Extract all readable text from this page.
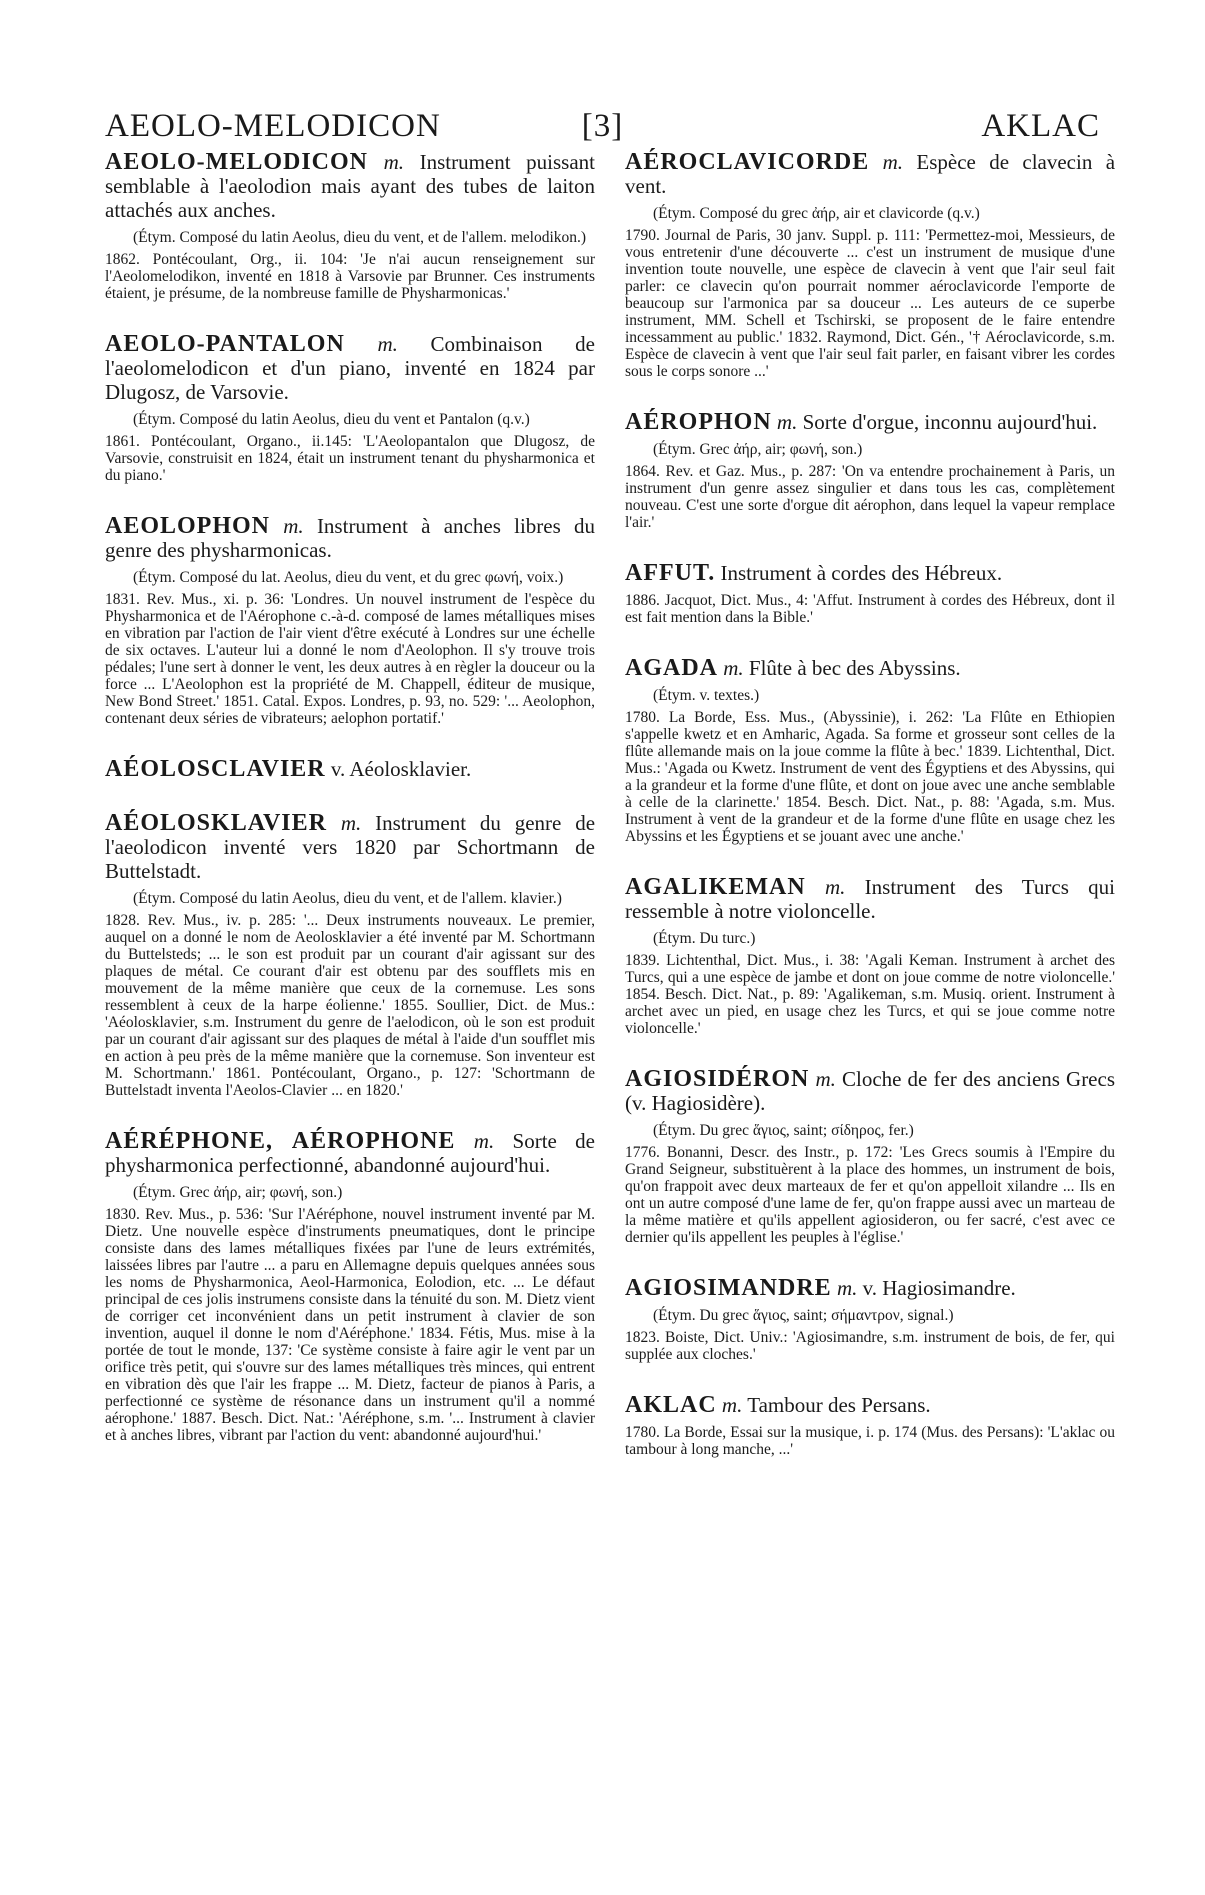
AEOLO-MELODICON	[3]	AKLAC

AEOLO-MELODICON m. Instrument puissant semblable à l'aeolodion mais ayant des tubes de laiton attachés aux anches.

(Étym. Composé du latin Aeolus, dieu du vent, et de l'allem. melodikon.)

1862. Pontécoulant, Org., ii. 104: 'Je n'ai aucun renseignement sur l'Aeolomelodikon, inventé en 1818 à Varsovie par Brunner. Ces instruments étaient, je présume, de la nombreuse famille de Physharmonicas.'

AEOLO-PANTALON m. Combinaison de l'aeolomelodicon et d'un piano, inventé en 1824 par Dlugosz, de Varsovie.

(Étym. Composé du latin Aeolus, dieu du vent et Pantalon (q.v.)

1861. Pontécoulant, Organo., ii.145: 'L'Aeolopantalon que Dlugosz, de Varsovie, construisit en 1824, était un instrument tenant du physharmonica et du piano.'

AEOLOPHON m. Instrument à anches libres du genre des physharmonicas.

(Étym. Composé du lat. Aeolus, dieu du vent, et du grec φωνή, voix.)

1831. Rev. Mus., xi. p. 36: 'Londres. Un nouvel instrument de l'espèce du Physharmonica et de l'Aérophone c.-à-d. composé de lames métalliques mises en vibration par l'action de l'air vient d'être exécuté à Londres sur une échelle de six octaves. L'auteur lui a donné le nom d'Aeolophon. Il s'y trouve trois pédales; l'une sert à donner le vent, les deux autres à en règler la douceur ou la force ... L'Aeolophon est la propriété de M. Chappell, éditeur de musique, New Bond Street.' 1851. Catal. Expos. Londres, p. 93, no. 529: '... Aeolophon, contenant deux séries de vibrateurs; aelophon portatif.'

AÉOLOSCLAVIER v. Aéolosklavier.

AÉOLOSKLAVIER m. Instrument du genre de l'aeolodicon inventé vers 1820 par Schortmann de Buttelstadt.

(Étym. Composé du latin Aeolus, dieu du vent, et de l'allem. klavier.)

1828. Rev. Mus., iv. p. 285: '... Deux instruments nouveaux. Le premier, auquel on a donné le nom de Aeolosklavier a été inventé par M. Schortmann du Buttelsteds; ... le son est produit par un courant d'air agissant sur des plaques de métal. Ce courant d'air est obtenu par des soufflets mis en mouvement de la même manière que ceux de la cornemuse. Les sons ressemblent à ceux de la harpe éolienne.' 1855. Soullier, Dict. de Mus.: 'Aéolosklavier, s.m. Instrument du genre de l'aelodicon, où le son est produit par un courant d'air agissant sur des plaques de métal à l'aide d'un soufflet mis en action à peu près de la même manière que la cornemuse. Son inventeur est M. Schortmann.' 1861. Pontécoulant, Organo., p. 127: 'Schortmann de Buttelstadt inventa l'Aeolos-Clavier ... en 1820.'

AÉRÉPHONE, AÉROPHONE m. Sorte de physharmonica perfectionné, abandonné aujourd'hui.

(Étym. Grec ἀήρ, air; φωνή, son.)

1830. Rev. Mus., p. 536: 'Sur l'Aéréphone, nouvel instrument inventé par M. Dietz. Une nouvelle espèce d'instruments pneumatiques, dont le principe consiste dans des lames métalliques fixées par l'une de leurs extrémités, laissées libres par l'autre ... a paru en Allemagne depuis quelques années sous les noms de Physharmonica, Aeol-Harmonica, Eolodion, etc. ... Le défaut principal de ces jolis instrumens consiste dans la ténuité du son. M. Dietz vient de corriger cet inconvénient dans un petit instrument à clavier de son invention, auquel il donne le nom d'Aéréphone.' 1834. Fétis, Mus. mise à la portée de tout le monde, 137: 'Ce système consiste à faire agir le vent par un orifice très petit, qui s'ouvre sur des lames métalliques très minces, qui entrent en vibration dès que l'air les frappe ... M. Dietz, facteur de pianos à Paris, a perfectionné ce système de résonance dans un instrument qu'il a nommé aérophone.' 1887. Besch. Dict. Nat.: 'Aéréphone, s.m. '... Instrument à clavier et à anches libres, vibrant par l'action du vent: abandonné aujourd'hui.'

AÉROCLAVICORDE m. Espèce de clavecin à vent.

(Étym. Composé du grec ἀήρ, air et clavicorde (q.v.)

1790. Journal de Paris, 30 janv. Suppl. p. 111: 'Permettez-moi, Messieurs, de vous entretenir d'une découverte ... c'est un instrument de musique d'une invention toute nouvelle, une espèce de clavecin à vent que l'air seul fait parler: ce clavecin qu'on pourrait nommer aéroclavicorde l'emporte de beaucoup sur l'armonica par sa douceur ... Les auteurs de ce superbe instrument, MM. Schell et Tschirski, se proposent de le faire entendre incessamment au public.' 1832. Raymond, Dict. Gén., '† Aéroclavicorde, s.m. Espèce de clavecin à vent que l'air seul fait parler, en faisant vibrer les cordes sous le corps sonore ...'

AÉROPHON m. Sorte d'orgue, inconnu aujourd'hui.

(Étym. Grec ἀήρ, air; φωνή, son.)

1864. Rev. et Gaz. Mus., p. 287: 'On va entendre prochainement à Paris, un instrument d'un genre assez singulier et dans tous les cas, complètement nouveau. C'est une sorte d'orgue dit aérophon, dans lequel la vapeur remplace l'air.'

AFFUT. Instrument à cordes des Hébreux.

1886. Jacquot, Dict. Mus., 4: 'Affut. Instrument à cordes des Hébreux, dont il est fait mention dans la Bible.'

AGADA m. Flûte à bec des Abyssins.

(Étym. v. textes.)

1780. La Borde, Ess. Mus., (Abyssinie), i. 262: 'La Flûte en Ethiopien s'appelle kwetz et en Amharic, Agada. Sa forme et grosseur sont celles de la flûte allemande mais on la joue comme la flûte à bec.' 1839. Lichtenthal, Dict. Mus.: 'Agada ou Kwetz. Instrument de vent des Égyptiens et des Abyssins, qui a la grandeur et la forme d'une flûte, et dont on joue avec une anche semblable à celle de la clarinette.' 1854. Besch. Dict. Nat., p. 88: 'Agada, s.m. Mus. Instrument à vent de la grandeur et de la forme d'une flûte en usage chez les Abyssins et les Égyptiens et se jouant avec une anche.'

AGALIKEMAN m. Instrument des Turcs qui ressemble à notre violoncelle.

(Étym. Du turc.)

1839. Lichtenthal, Dict. Mus., i. 38: 'Agali Keman. Instrument à archet des Turcs, qui a une espèce de jambe et dont on joue comme de notre violoncelle.' 1854. Besch. Dict. Nat., p. 89: 'Agalikeman, s.m. Musiq. orient. Instrument à archet avec un pied, en usage chez les Turcs, et qui se joue comme notre violoncelle.'

AGIOSIDÉRON m. Cloche de fer des anciens Grecs (v. Hagiosidère).

(Étym. Du grec ἅγιος, saint; σίδηρος, fer.)

1776. Bonanni, Descr. des Instr., p. 172: 'Les Grecs soumis à l'Empire du Grand Seigneur, substituèrent à la place des hommes, un instrument de bois, qu'on frappoit avec deux marteaux de fer et qu'on appelloit xilandre ... Ils en ont un autre composé d'une lame de fer, qu'on frappe aussi avec un marteau de la même matière et qu'ils appellent agiosideron, ou fer sacré, c'est avec ce dernier qu'ils appellent les peuples à l'église.'

AGIOSIMANDRE m. v. Hagiosimandre.

(Étym. Du grec ἅγιος, saint; σήμαντρον, signal.)

1823. Boiste, Dict. Univ.: 'Agiosimandre, s.m. instrument de bois, de fer, qui supplée aux cloches.'

AKLAC m. Tambour des Persans.

1780. La Borde, Essai sur la musique, i. p. 174 (Mus. des Persans): 'L'aklac ou tambour à long manche, ...'
